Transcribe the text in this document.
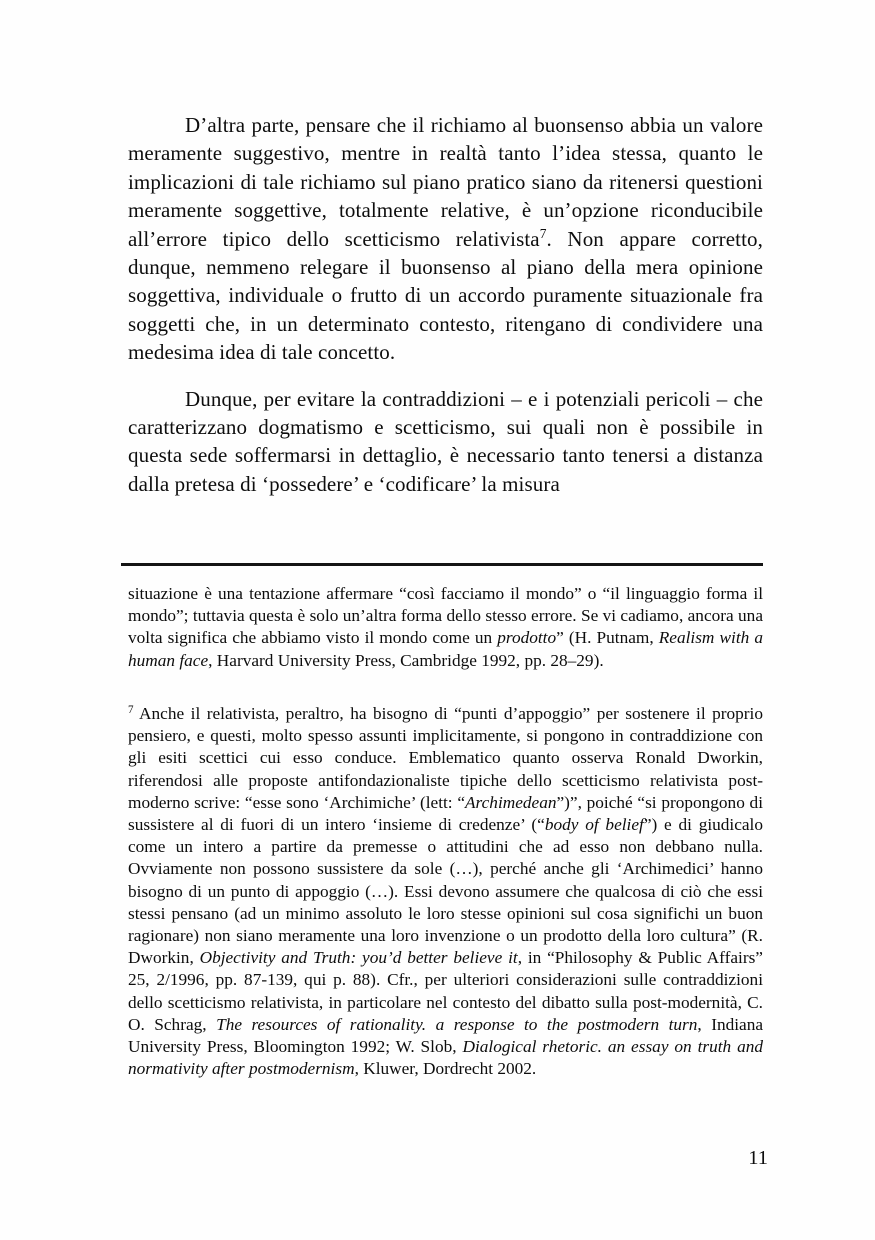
D’altra parte, pensare che il richiamo al buonsenso abbia un valore meramente suggestivo, mentre in realtà tanto l’idea stessa, quanto le implicazioni di tale richiamo sul piano pratico siano da ritenersi questioni meramente soggettive, totalmente relative, è un’opzione riconducibile all’errore tipico dello scetticismo relativista$^7$. Non appare corretto, dunque, nemmeno relegare il buonsenso al piano della mera opinione soggettiva, individuale o frutto di un accordo puramente situazionale fra soggetti che, in un determinato contesto, ritengano di condividere una medesima idea di tale concetto.

Dunque, per evitare la contraddizioni – e i potenziali pericoli – che caratterizzano dogmatismo e scetticismo, sui quali non è possibile in questa sede soffermarsi in dettaglio, è necessario tanto tenersi a distanza dalla pretesa di ‘possedere’ e ‘codificare’ la misura

situazione è una tentazione affermare “così facciamo il mondo” o “il linguaggio forma il mondo”; tuttavia questa è solo un’altra forma dello stesso errore. Se vi cadiamo, ancora una volta significa che abbiamo visto il mondo come un prodotto” (H. Putnam, Realism with a human face, Harvard University Press, Cambridge 1992, pp. 28–29).

$^7$ Anche il relativista, peraltro, ha bisogno di “punti d’appoggio” per sostenere il proprio pensiero, e questi, molto spesso assunti implicitamente, si pongono in contraddizione con gli esiti scettici cui esso conduce. Emblematico quanto osserva Ronald Dworkin, riferendosi alle proposte antifondazionaliste tipiche dello scetticismo relativista post-moderno scrive: “esse sono ‘Archimiche’ (lett: “Archimedean”)”, poiché “si propongono di sussistere al di fuori di un intero ‘insieme di credenze’ (“body of belief”) e di giudicalo come un intero a partire da premesse o attitudini che ad esso non debbano nulla. Ovviamente non possono sussistere da sole (…), perché anche gli ‘Archimedici’ hanno bisogno di un punto di appoggio (…). Essi devono assumere che qualcosa di ciò che essi stessi pensano (ad un minimo assoluto le loro stesse opinioni sul cosa significhi un buon ragionare) non siano meramente una loro invenzione o un prodotto della loro cultura” (R. Dworkin, Objectivity and Truth: you’d better believe it, in “Philosophy & Public Affairs” 25, 2/1996, pp. 87-139, qui p. 88). Cfr., per ulteriori considerazioni sulle contraddizioni dello scetticismo relativista, in particolare nel contesto del dibatto sulla post-modernità, C. O. Schrag, The resources of rationality. a response to the postmodern turn, Indiana University Press, Bloomington 1992; W. Slob, Dialogical rhetoric. an essay on truth and normativity after postmodernism, Kluwer, Dordrecht 2002.

11
